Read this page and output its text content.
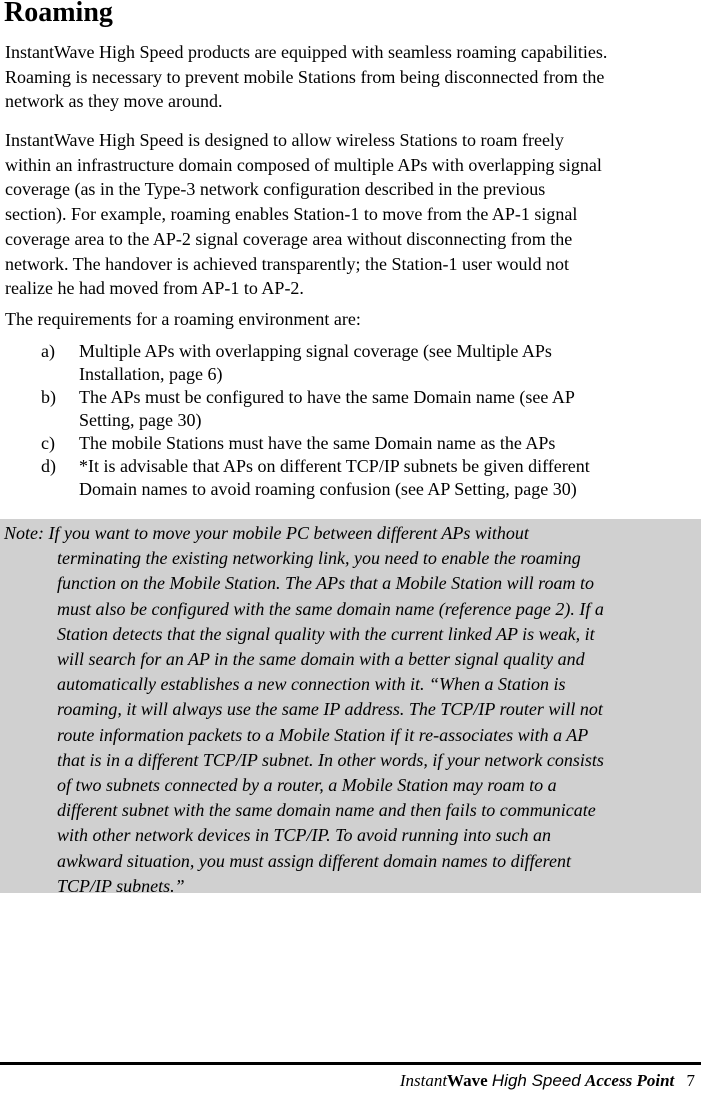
Roaming

InstantWave High Speed products are equipped with seamless roaming capabilities.
Roaming is necessary to prevent mobile Stations from being disconnected from the
network as they move around.

InstantWave High Speed is designed to allow wireless Stations to roam freely
within an infrastructure domain composed of multiple APs with overlapping signal
coverage (as in the Type-3 network configuration described in the previous
section). For example, roaming enables Station-1 to move from the AP-1 signal
coverage area to the AP-2 signal coverage area without disconnecting from the
network. The handover is achieved transparently; the Station-1 user would not
realize he had moved from AP-1 to AP-2.

The requirements for a roaming environment are:

a) Multiple APs with overlapping signal coverage (see Multiple APs
Installation, page 6)
b) The APs must be configured to have the same Domain name (see AP
Setting, page 30)
c) The mobile Stations must have the same Domain name as the APs
d) *It is advisable that APs on different TCP/IP subnets be given different
Domain names to avoid roaming confusion (see AP Setting, page 30)

Note: If you want to move your mobile PC between different APs without
terminating the existing networking link, you need to enable the roaming
function on the Mobile Station. The APs that a Mobile Station will roam to
must also be configured with the same domain name (reference page 2). If a
Station detects that the signal quality with the current linked AP is weak, it
will search for an AP in the same domain with a better signal quality and
automatically establishes a new connection with it. “When a Station is
roaming, it will always use the same IP address. The TCP/IP router will not
route information packets to a Mobile Station if it re-associates with a AP
that is in a different TCP/IP subnet. In other words, if your network consists
of two subnets connected by a router, a Mobile Station may roam to a
different subnet with the same domain name and then fails to communicate
with other network devices in TCP/IP. To avoid running into such an
awkward situation, you must assign different domain names to different
TCP/IP subnets.”

InstantWave High Speed Access Point 7
